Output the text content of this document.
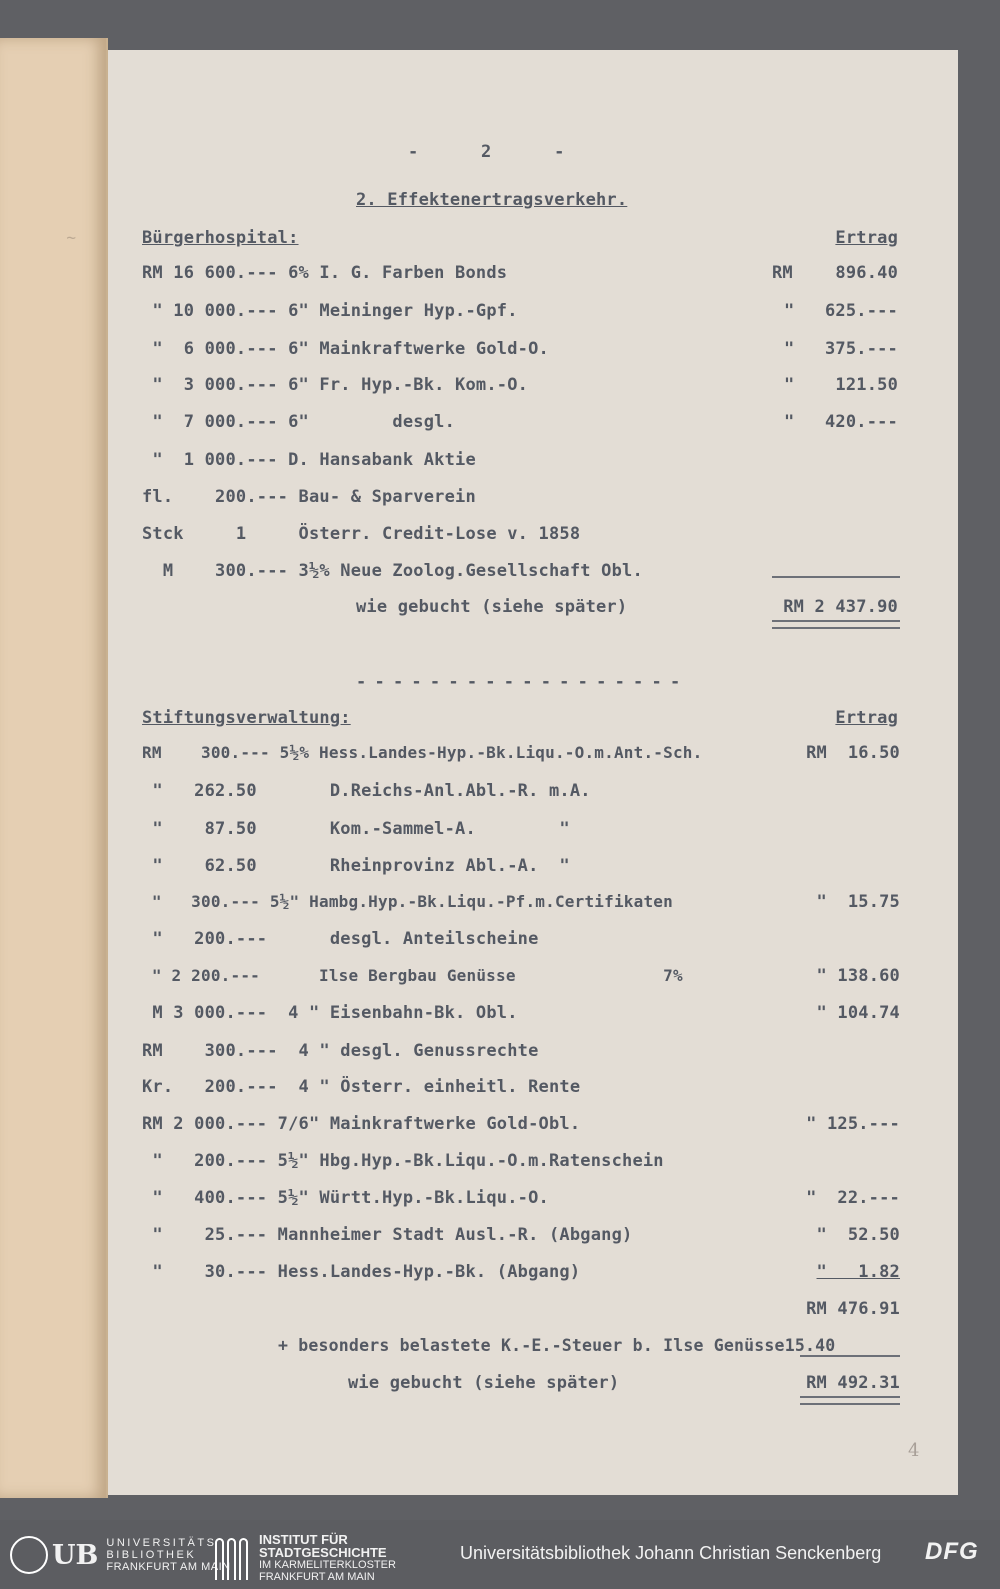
~
-      2      -
2. Effektenertragsverkehr.
Bürgerhospital:	Ertrag
RM 16 600.--- 6% I. G. Farben Bonds	RM	896.40
" 10 000.--- 6" Meininger Hyp.-Gpf.	"	625.---
"  6 000.--- 6" Mainkraftwerke Gold-O.	"	375.---
"  3 000.--- 6" Fr. Hyp.-Bk. Kom.-O.	"	121.50
"  7 000.--- 6"        desgl.	"	420.---
"  1 000.--- D. Hansabank Aktie
fl.    200.--- Bau- & Sparverein
Stck     1     Österr. Credit-Lose v. 1858
M    300.--- 3½% Neue Zoolog.Gesellschaft Obl.
wie gebucht (siehe später)	RM 2 437.90
- - - - - - - - - - - - - - - - - -
Stiftungsverwaltung:	Ertrag
RM    300.--- 5½% Hess.Landes-Hyp.-Bk.Liqu.-O.m.Ant.-Sch.	RM  16.50
"   262.50       D.Reichs-Anl.Abl.-R. m.A.
"    87.50       Kom.-Sammel-A.        "
"    62.50       Rheinprovinz Abl.-A.  "
"   300.--- 5½" Hambg.Hyp.-Bk.Liqu.-Pf.m.Certifikaten	"  15.75
"   200.---      desgl. Anteilscheine
" 2 200.---      Ilse Bergbau Genüsse               7%	" 138.60
M 3 000.---  4 " Eisenbahn-Bk. Obl.	" 104.74
RM    300.---  4 " desgl. Genussrechte
Kr.   200.---  4 " Österr. einheitl. Rente
RM 2 000.--- 7/6" Mainkraftwerke Gold-Obl.	" 125.---
"   200.--- 5½" Hbg.Hyp.-Bk.Liqu.-O.m.Ratenschein
"   400.--- 5½" Württ.Hyp.-Bk.Liqu.-O.	"  22.---
"    25.--- Mannheimer Stadt Ausl.-R. (Abgang)	"  52.50
"    30.--- Hess.Landes-Hyp.-Bk. (Abgang)	"   1.82
RM 476.91
+ besonders belastete K.-E.-Steuer b. Ilse Genüsse15.40
wie gebucht (siehe später)	RM 492.31
4
UB UNIVERSITÄTS
BIBLIOTHEK
FRANKFURT AM MAIN
INSTITUT FÜR
STADTGESCHICHTE
IM KARMELITERKLOSTER
FRANKFURT AM MAIN
Universitätsbibliothek Johann Christian Senckenberg DFG
